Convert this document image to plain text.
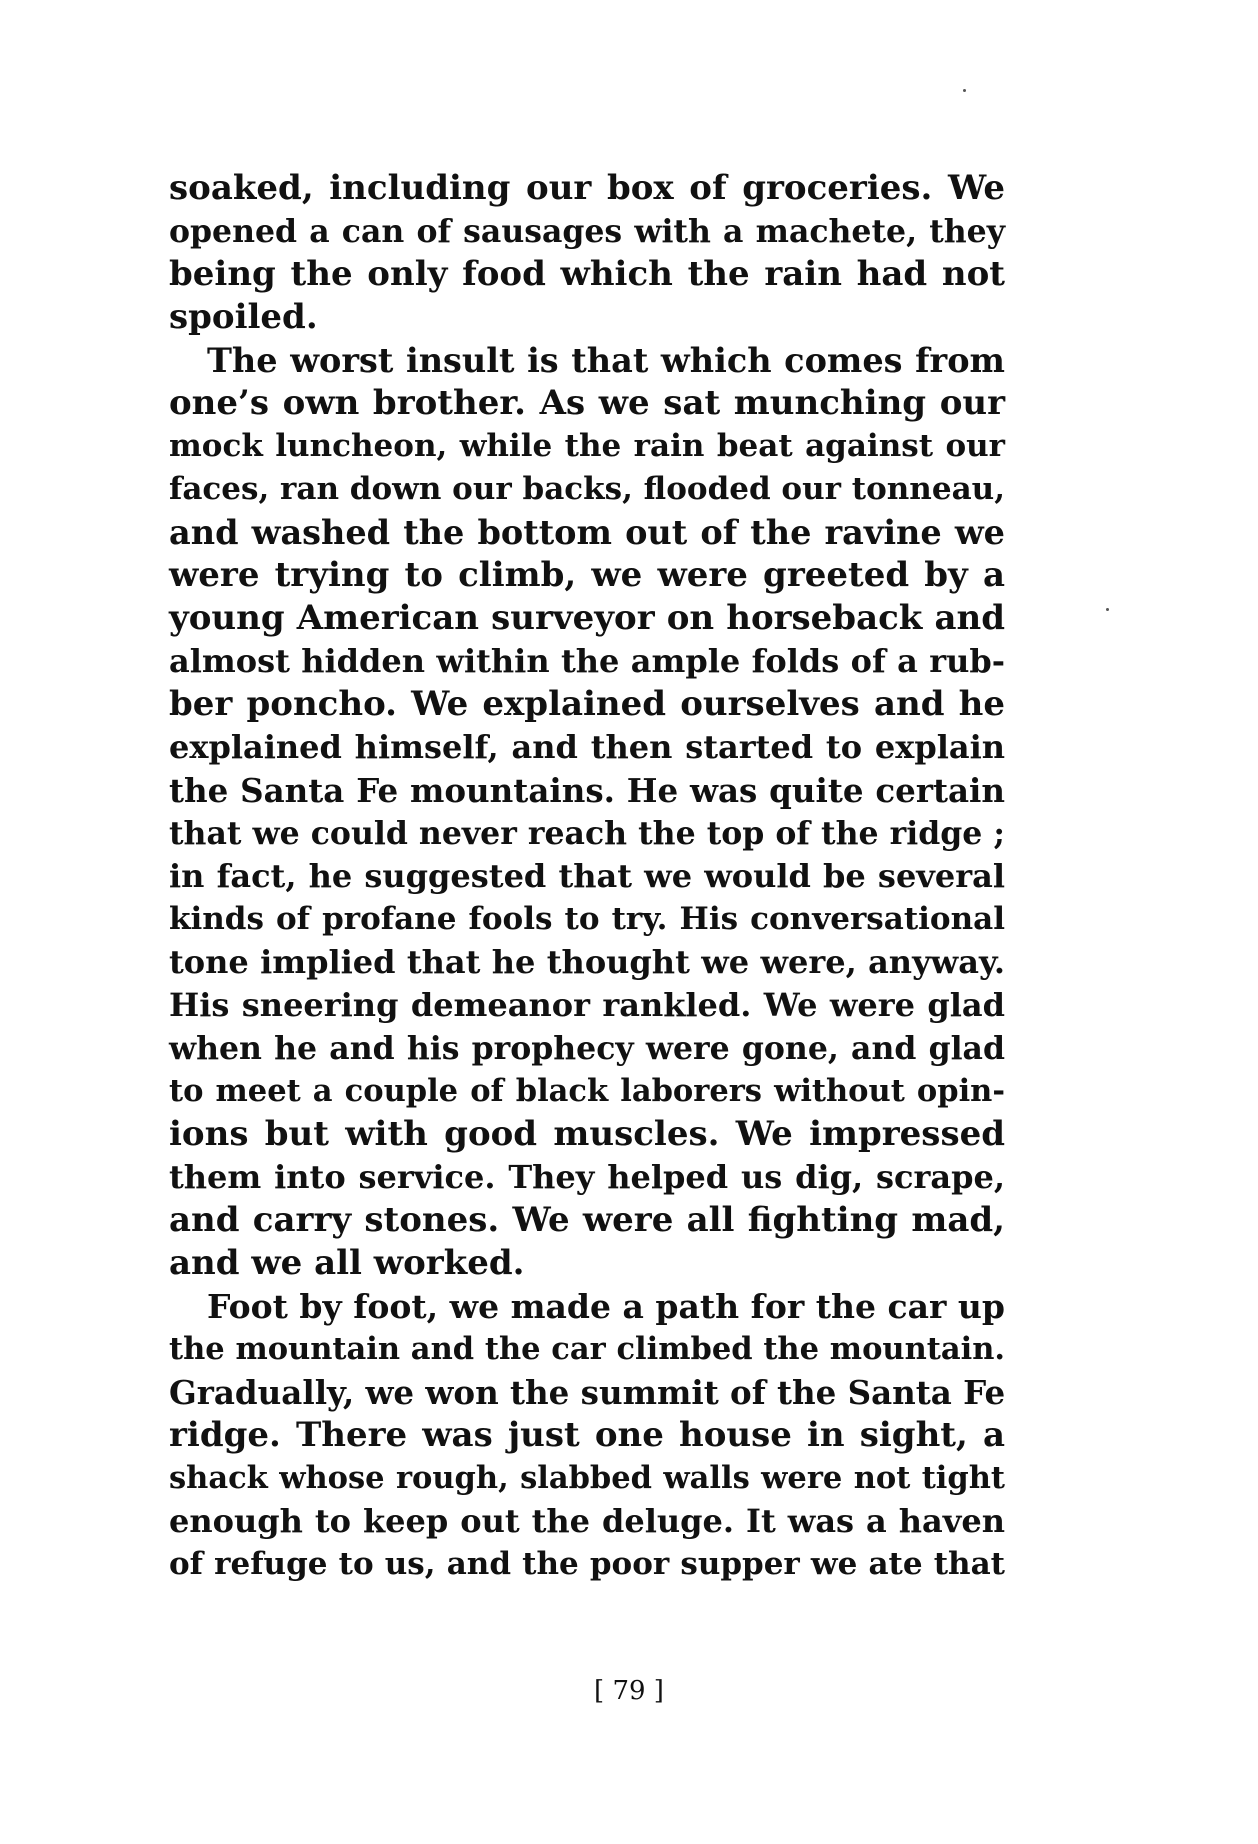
soaked, including our box of groceries. We
opened a can of sausages with a machete, they
being the only food which the rain had not
spoiled.
The worst insult is that which comes from
one’s own brother. As we sat munching our
mock luncheon, while the rain beat against our
faces, ran down our backs, flooded our tonneau,
and washed the bottom out of the ravine we
were trying to climb, we were greeted by a
young American surveyor on horseback and
almost hidden within the ample folds of a rub-
ber poncho. We explained ourselves and he
explained himself, and then started to explain
the Santa Fe mountains. He was quite certain
that we could never reach the top of the ridge ;
in fact, he suggested that we would be several
kinds of profane fools to try. His conversational
tone implied that he thought we were, anyway.
His sneering demeanor rankled. We were glad
when he and his prophecy were gone, and glad
to meet a couple of black laborers without opin-
ions but with good muscles. We impressed
them into service. They helped us dig, scrape,
and carry stones. We were all fighting mad,
and we all worked.
Foot by foot, we made a path for the car up
the mountain and the car climbed the mountain.
Gradually, we won the summit of the Santa Fe
ridge. There was just one house in sight, a
shack whose rough, slabbed walls were not tight
enough to keep out the deluge. It was a haven
of refuge to us, and the poor supper we ate that
[ 79 ]
